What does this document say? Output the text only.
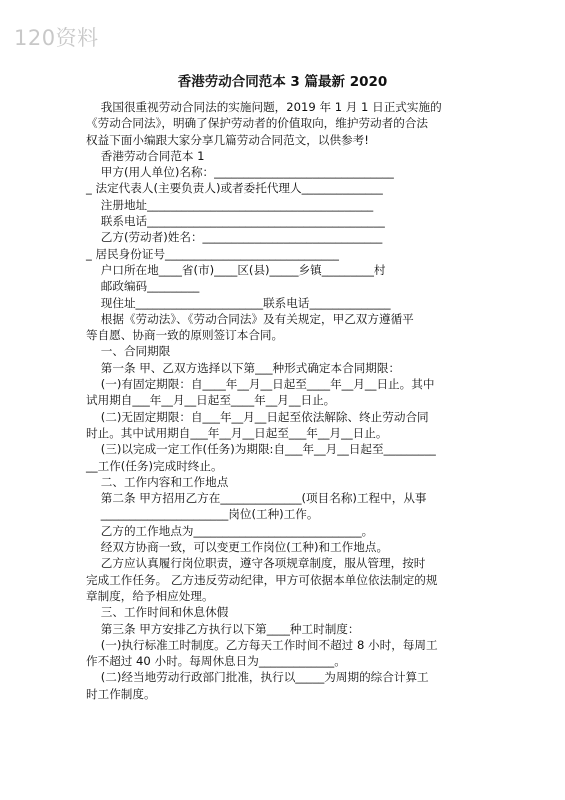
120资料
香港劳动合同范本 3 篇最新 2020

我国很重视劳动合同法的实施问题，2019 年 1 月 1 日正式实施的

《劳动合同法》，明确了保护劳动者的价值取向，维护劳动者的合法

权益下面小编跟大家分享几篇劳动合同范文，以供参考!

香港劳动合同范本 1

甲方(用人单位)名称：_______________________________

_ 法定代表人(主要负责人)或者委托代理人______________

注册地址_______________________________________

联系电话_________________________________________

乙方(劳动者)姓名：_______________________________

_ 居民身份证号______________________________

户口所在地____省(市)____区(县)_____乡镇_________村

邮政编码_________

现住址______________________联系电话______________

根据《劳动法》、《劳动合同法》及有关规定，甲乙双方遵循平

等自愿、协商一致的原则签订本合同。

一、合同期限

第一条 甲、乙双方选择以下第___种形式确定本合同期限：

(一)有固定期限：自____年__月__日起至____年__月__日止。其中

试用期自___年__月__日起至____年__月__日止。

(二)无固定期限：自___年__月__日起至依法解除、终止劳动合同

时止。其中试用期自___年__月__日起至___年__月__日止。

(三)以完成一定工作(任务)为期限:自___年__月__日起至_________

__工作(任务)完成时终止。

二、工作内容和工作地点

第二条 甲方招用乙方在______________(项目名称)工程中，从事

______________________岗位(工种)工作。

乙方的工作地点为_____________________________。

经双方协商一致，可以变更工作岗位(工种)和工作地点。

乙方应认真履行岗位职责，遵守各项规章制度，服从管理，按时

完成工作任务。 乙方违反劳动纪律，甲方可依据本单位依法制定的规

章制度，给予相应处理。

三、工作时间和休息休假

第三条 甲方安排乙方执行以下第____种工时制度：

(一)执行标准工时制度。乙方每天工作时间不超过 8 小时，每周工

作不超过 40 小时。每周休息日为_____________。

(二)经当地劳动行政部门批准，执行以_____为周期的综合计算工

时工作制度。
